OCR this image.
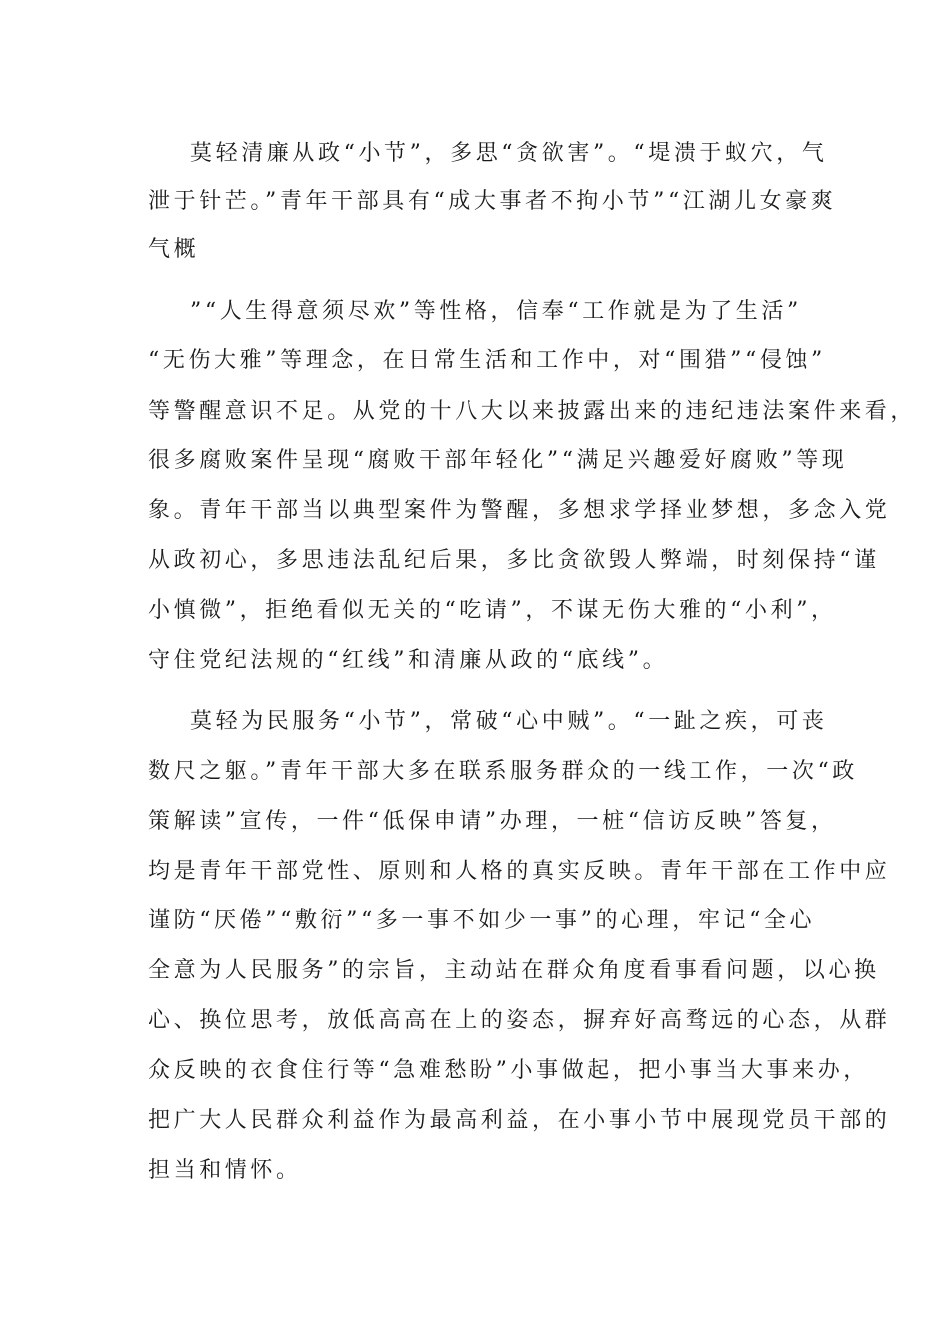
莫轻清廉从政“小节”，多思“贪欲害”。“堤溃于蚁穴，气

泄于针芒。”青年干部具有“成大事者不拘小节”“江湖儿女豪爽

气概

”“人生得意须尽欢”等性格，信奉“工作就是为了生活”

“无伤大雅”等理念，在日常生活和工作中，对“围猎”“侵蚀”

等警醒意识不足。从党的十八大以来披露出来的违纪违法案件来看，

很多腐败案件呈现“腐败干部年轻化”“满足兴趣爱好腐败”等现

象。青年干部当以典型案件为警醒，多想求学择业梦想，多念入党

从政初心，多思违法乱纪后果，多比贪欲毁人弊端，时刻保持“谨

小慎微”，拒绝看似无关的“吃请”，不谋无伤大雅的“小利”，

守住党纪法规的“红线”和清廉从政的“底线”。

莫轻为民服务“小节”，常破“心中贼”。“一趾之疾，可丧

数尺之躯。”青年干部大多在联系服务群众的一线工作，一次“政

策解读”宣传，一件“低保申请”办理，一桩“信访反映”答复，

均是青年干部党性、原则和人格的真实反映。青年干部在工作中应

谨防“厌倦”“敷衍”“多一事不如少一事”的心理，牢记“全心

全意为人民服务”的宗旨，主动站在群众角度看事看问题，以心换

心、换位思考，放低高高在上的姿态，摒弃好高骛远的心态，从群

众反映的衣食住行等“急难愁盼”小事做起，把小事当大事来办，

把广大人民群众利益作为最高利益，在小事小节中展现党员干部的

担当和情怀。
